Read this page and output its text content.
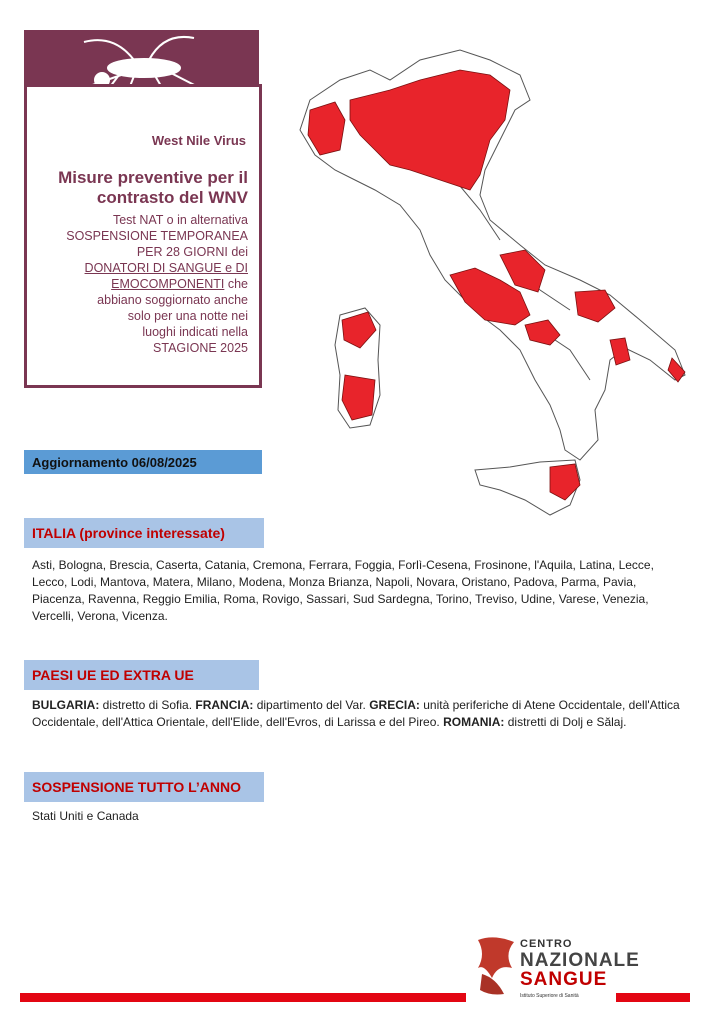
West Nile Virus
Misure preventive per il contrasto del WNV
Test NAT o in alternativa
SOSPENSIONE TEMPORANEA
PER 28 GIORNI dei
DONATORI DI SANGUE e DI
EMOCOMPONENTI che
abbiano soggiornato anche
solo per una notte nei
luoghi indicati nella
STAGIONE 2025
Aggiornamento 06/08/2025
ITALIA (province interessate)
Asti, Bologna, Brescia, Caserta, Catania, Cremona, Ferrara, Foggia, Forlì-Cesena, Frosinone, l'Aquila, Latina, Lecce, Lecco, Lodi, Mantova, Matera, Milano, Modena, Monza Brianza, Napoli, Novara, Oristano, Padova, Parma, Pavia, Piacenza, Ravenna, Reggio Emilia, Roma, Rovigo, Sassari, Sud Sardegna, Torino, Treviso, Udine, Varese, Venezia, Vercelli, Verona, Vicenza.
PAESI UE ED EXTRA UE
BULGARIA: distretto di Sofia. FRANCIA: dipartimento del Var. GRECIA: unità periferiche di Atene Occidentale, dell'Attica Occidentale, dell'Attica Orientale, dell'Elide, dell'Evros, di Larissa e del Pireo. ROMANIA: distretti di Dolj e Sălaj.
SOSPENSIONE TUTTO L’ANNO
Stati Uniti e Canada
CENTRO
NAZIONALE
SANGUE
Istituto Superiore di Sanità
